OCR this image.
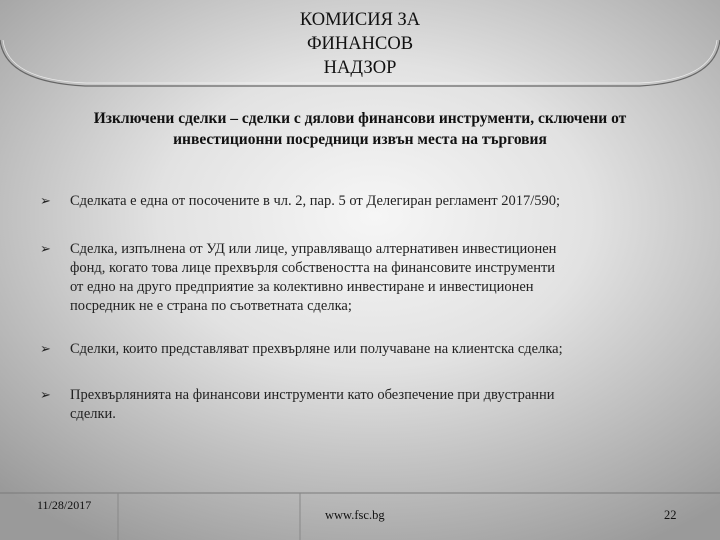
КОМИСИЯ ЗА
ФИНАНСОВ
НАДЗОР
Изключени сделки – сделки с дялови финансови инструменти, сключени от
инвестиционни посредници извън места на търговия
➢ Сделката е една от посочените в чл. 2, пар. 5 от Делегиран регламент 2017/590;
➢ Сделка, изпълнена от УД или лице, управляващо алтернативен инвестиционен
фонд, когато това лице прехвърля собствеността на финансовите инструменти
от едно на друго предприятие за колективно инвестиране и инвестиционен
посредник не е страна по съответната сделка;
➢ Сделки, които представляват прехвърляне или получаване на клиентска сделка;
➢ Прехвърлянията на финансови инструменти като обезпечение при двустранни
сделки.
11/28/2017
www.fsc.bg	22
